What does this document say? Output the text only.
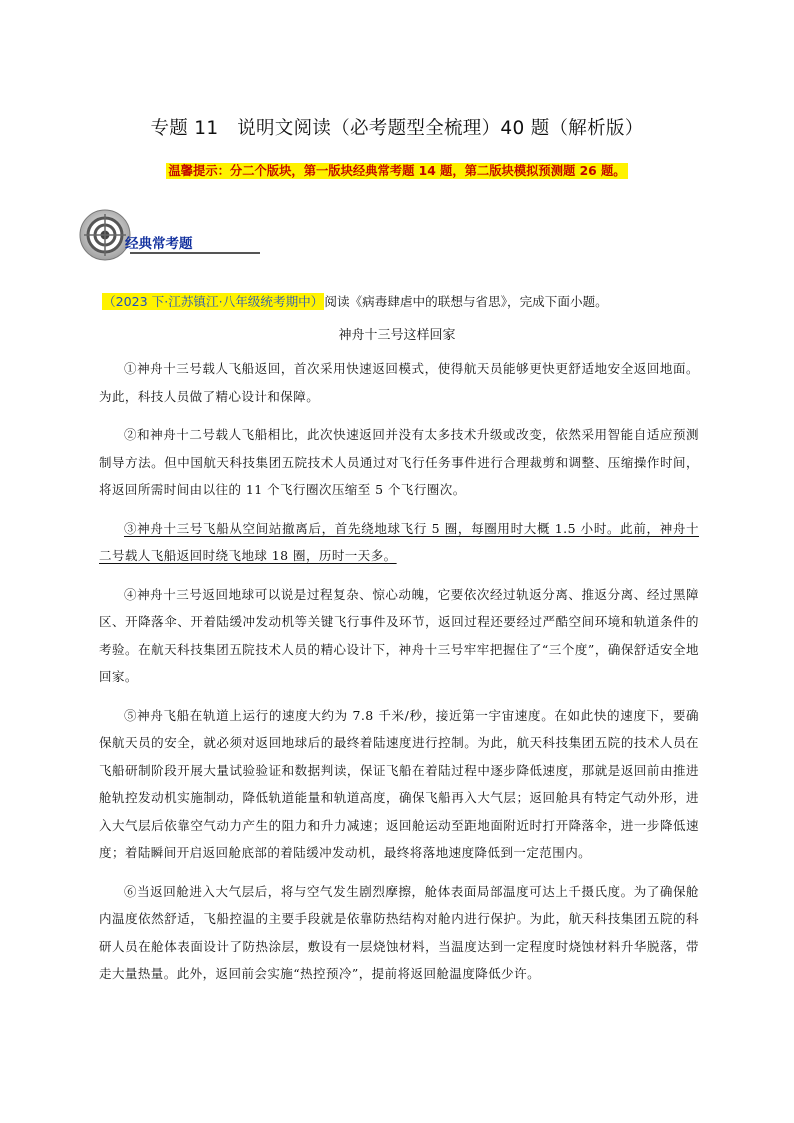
专题 11　说明文阅读（必考题型全梳理）40 题（解析版）
温馨提示：分二个版块，第一版块经典常考题 14 题，第二版块模拟预测题 26 题。
经典常考题
（2023 下·江苏镇江·八年级统考期中）阅读《病毒肆虐中的联想与省思》，完成下面小题。
神舟十三号这样回家

①神舟十三号载人飞船返回，首次采用快速返回模式，使得航天员能够更快更舒适地安全返回地面。为此，科技人员做了精心设计和保障。

②和神舟十二号载人飞船相比，此次快速返回并没有太多技术升级或改变，依然采用智能自适应预测制导方法。但中国航天科技集团五院技术人员通过对飞行任务事件进行合理裁剪和调整、压缩操作时间，将返回所需时间由以往的 11 个飞行圈次压缩至 5 个飞行圈次。

③神舟十三号飞船从空间站撤离后，首先绕地球飞行 5 圈，每圈用时大概 1.5 小时。此前，神舟十二号载人飞船返回时绕飞地球 18 圈，历时一天多。

④神舟十三号返回地球可以说是过程复杂、惊心动魄，它要依次经过轨返分离、推返分离、经过黑障区、开降落伞、开着陆缓冲发动机等关键飞行事件及环节，返回过程还要经过严酷空间环境和轨道条件的考验。在航天科技集团五院技术人员的精心设计下，神舟十三号牢牢把握住了“三个度”，确保舒适安全地回家。

⑤神舟飞船在轨道上运行的速度大约为 7.8 千米/秒，接近第一宇宙速度。在如此快的速度下，要确保航天员的安全，就必须对返回地球后的最终着陆速度进行控制。为此，航天科技集团五院的技术人员在飞船研制阶段开展大量试验验证和数据判读，保证飞船在着陆过程中逐步降低速度，那就是返回前由推进舱轨控发动机实施制动，降低轨道能量和轨道高度，确保飞船再入大气层；返回舱具有特定气动外形，进入大气层后依靠空气动力产生的阻力和升力减速；返回舱运动至距地面附近时打开降落伞，进一步降低速度；着陆瞬间开启返回舱底部的着陆缓冲发动机，最终将落地速度降低到一定范围内。

⑥当返回舱进入大气层后，将与空气发生剧烈摩擦，舱体表面局部温度可达上千摄氏度。为了确保舱内温度依然舒适，飞船控温的主要手段就是依靠防热结构对舱内进行保护。为此，航天科技集团五院的科研人员在舱体表面设计了防热涂层，敷设有一层烧蚀材料，当温度达到一定程度时烧蚀材料升华脱落，带走大量热量。此外，返回前会实施“热控预冷”，提前将返回舱温度降低少许。
